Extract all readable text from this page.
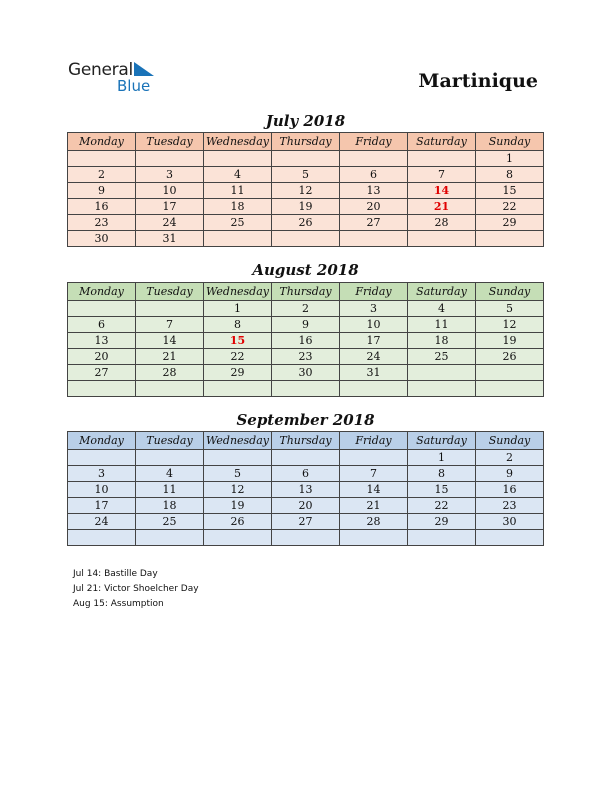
General
Blue	Martinique
July 2018
Monday	Tuesday	Wednesday	Thursday	Friday	Saturday	Sunday
						1
2	3	4	5	6	7	8
9	10	11	12	13	14	15
16	17	18	19	20	21	22
23	24	25	26	27	28	29
30	31					
August 2018
Monday	Tuesday	Wednesday	Thursday	Friday	Saturday	Sunday
		1	2	3	4	5
6	7	8	9	10	11	12
13	14	15	16	17	18	19
20	21	22	23	24	25	26
27	28	29	30	31		

September 2018
Monday	Tuesday	Wednesday	Thursday	Friday	Saturday	Sunday
					1	2
3	4	5	6	7	8	9
10	11	12	13	14	15	16
17	18	19	20	21	22	23
24	25	26	27	28	29	30

Jul 14: Bastille Day
Jul 21: Victor Shoelcher Day
Aug 15: Assumption
